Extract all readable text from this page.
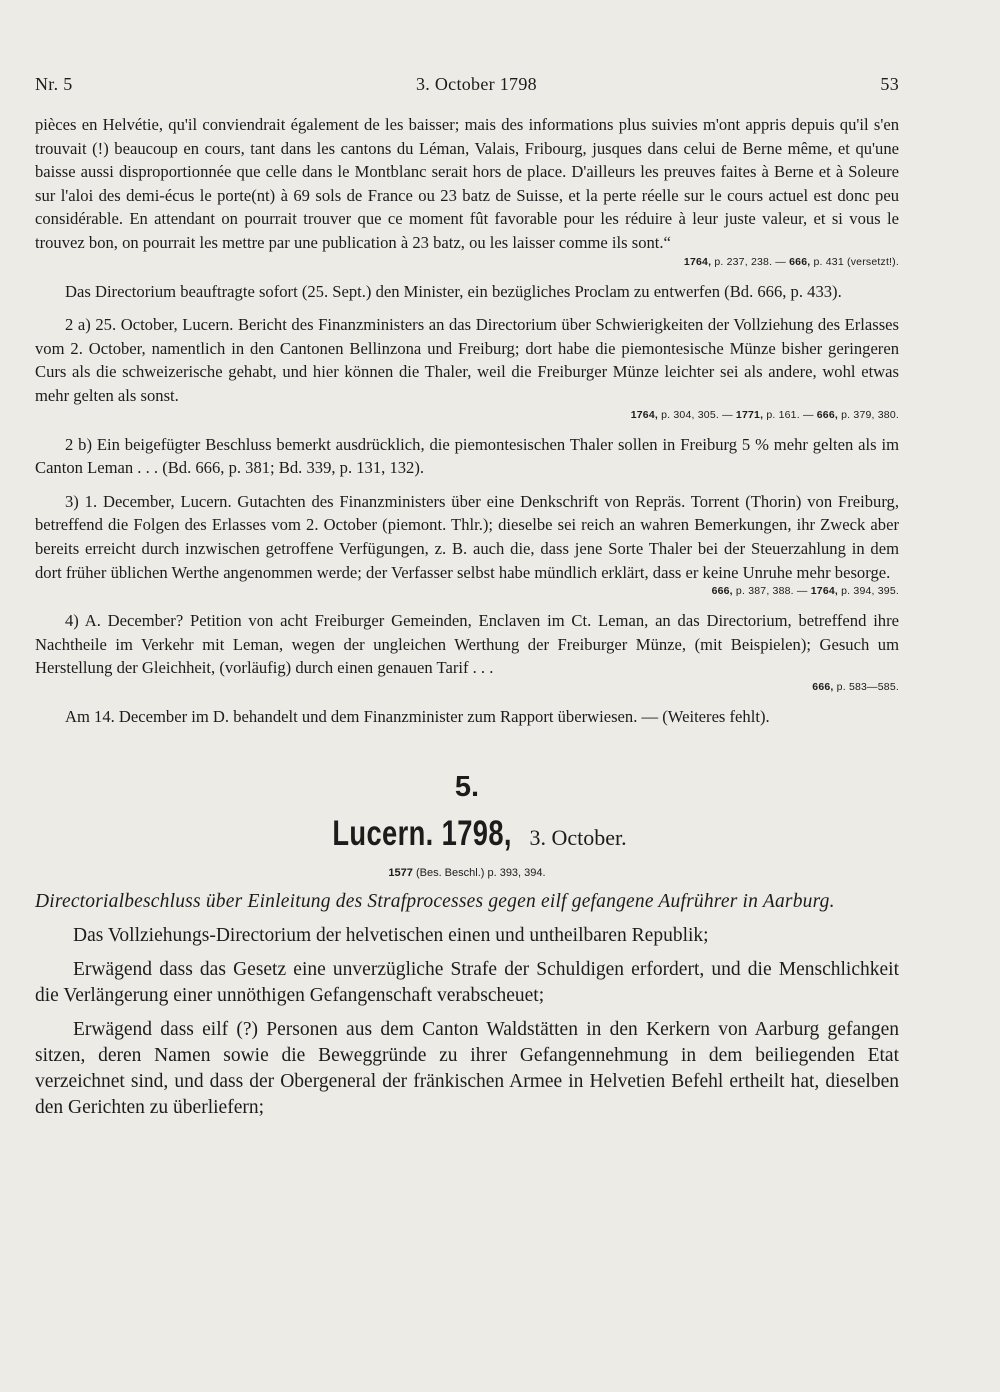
Nr. 5	3. October 1798	53

pièces en Helvétie, qu'il conviendrait également de les baisser; mais des informations plus suivies m'ont appris depuis qu'il s'en trouvait (!) beaucoup en cours, tant dans les cantons du Léman, Valais, Fribourg, jusques dans celui de Berne même, et qu'une baisse aussi disproportionnée que celle dans le Montblanc serait hors de place. D'ailleurs les preuves faites à Berne et à Soleure sur l'aloi des demi-écus le porte(nt) à 69 sols de France ou 23 batz de Suisse, et la perte réelle sur le cours actuel est donc peu considérable. En attendant on pourrait trouver que ce moment fût favorable pour les réduire à leur juste valeur, et si vous le trouvez bon, on pourrait les mettre par une publication à 23 batz, ou les laisser comme ils sont.“

1764, p. 237, 238. — 666, p. 431 (versetzt!).

Das Directorium beauftragte sofort (25. Sept.) den Minister, ein bezügliches Proclam zu entwerfen (Bd. 666, p. 433).

2 a) 25. October, Lucern. Bericht des Finanzministers an das Directorium über Schwierigkeiten der Vollziehung des Erlasses vom 2. October, namentlich in den Cantonen Bellinzona und Freiburg; dort habe die piemontesische Münze bisher geringeren Curs als die schweizerische gehabt, und hier können die Thaler, weil die Freiburger Münze leichter sei als andere, wohl etwas mehr gelten als sonst.

1764, p. 304, 305. — 1771, p. 161. — 666, p. 379, 380.

2 b) Ein beigefügter Beschluss bemerkt ausdrücklich, die piemontesischen Thaler sollen in Freiburg 5 % mehr gelten als im Canton Leman . . . (Bd. 666, p. 381; Bd. 339, p. 131, 132).

3) 1. December, Lucern. Gutachten des Finanzministers über eine Denkschrift von Repräs. Torrent (Thorin) von Freiburg, betreffend die Folgen des Erlasses vom 2. October (piemont. Thlr.); dieselbe sei reich an wahren Bemerkungen, ihr Zweck aber bereits erreicht durch inzwischen getroffene Verfügungen, z. B. auch die, dass jene Sorte Thaler bei der Steuerzahlung in dem dort früher üblichen Werthe angenommen werde; der Verfasser selbst habe mündlich erklärt, dass er keine Unruhe mehr besorge.

666, p. 387, 388. — 1764, p. 394, 395.

4) A. December? Petition von acht Freiburger Gemeinden, Enclaven im Ct. Leman, an das Directorium, betreffend ihre Nachtheile im Verkehr mit Leman, wegen der ungleichen Werthung der Freiburger Münze, (mit Beispielen); Gesuch um Herstellung der Gleichheit, (vorläufig) durch einen genauen Tarif . . .

666, p. 583—585.

Am 14. December im D. behandelt und dem Finanzminister zum Rapport überwiesen. — (Weiteres fehlt).

5.
Lucern. 1798, 3. October.
1577 (Bes. Beschl.) p. 393, 394.
Directorialbeschluss über Einleitung des Strafprocesses gegen eilf gefangene Aufrührer in Aarburg.

Das Vollziehungs-Directorium der helvetischen einen und untheilbaren Republik;

Erwägend dass das Gesetz eine unverzügliche Strafe der Schuldigen erfordert, und die Menschlichkeit die Verlängerung einer unnöthigen Gefangenschaft verabscheuet;

Erwägend dass eilf (?) Personen aus dem Canton Waldstätten in den Kerkern von Aarburg gefangen sitzen, deren Namen sowie die Beweggründe zu ihrer Gefangennehmung in dem beiliegenden Etat verzeichnet sind, und dass der Obergeneral der fränkischen Armee in Helvetien Befehl ertheilt hat, dieselben den Gerichten zu überliefern;
